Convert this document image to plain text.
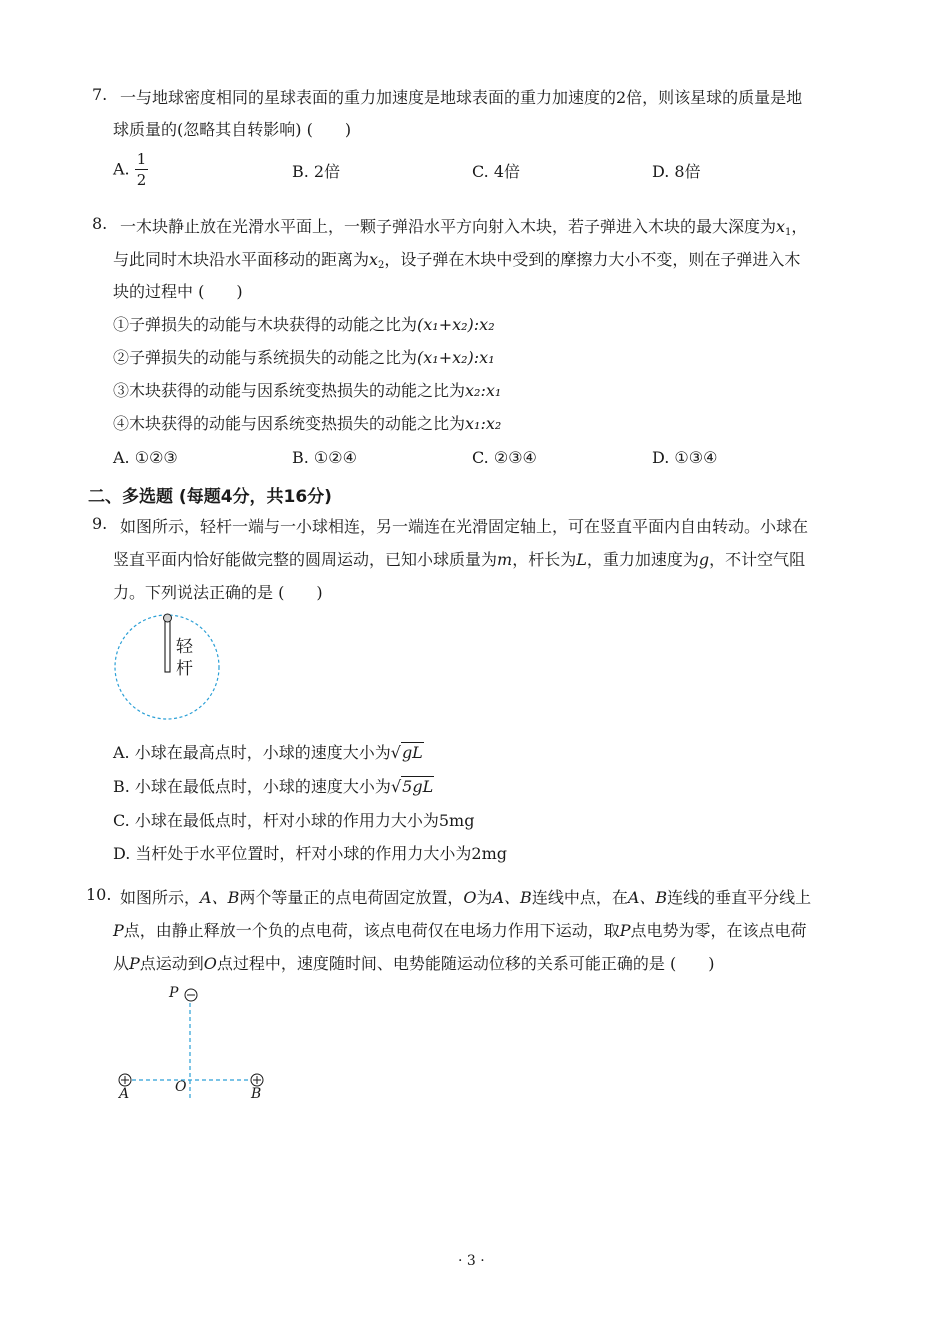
7. 一与地球密度相同的星球表面的重力加速度是地球表面的重力加速度的2倍，则该星球的质量是地
球质量的(忽略其自转影响) (　　)
A. $\frac{1}{2}$	B. 2倍	C. 4倍	D. 8倍
8. 一木块静止放在光滑水平面上，一颗子弹沿水平方向射入木块，若子弹进入木块的最大深度为$x_1$，
与此同时木块沿水平面移动的距离为$x_2$，设子弹在木块中受到的摩擦力大小不变，则在子弹进入木
块的过程中 (　　)
①子弹损失的动能与木块获得的动能之比为(x₁+x₂):x₂
②子弹损失的动能与系统损失的动能之比为(x₁+x₂):x₁
③木块获得的动能与因系统变热损失的动能之比为x₂:x₁
④木块获得的动能与因系统变热损失的动能之比为x₁:x₂
A. ①②③	B. ①②④	C. ②③④	D. ①③④
二、多选题 (每题4分，共16分)
9. 如图所示，轻杆一端与一小球相连，另一端连在光滑固定轴上，可在竖直平面内自由转动。小球在
竖直平面内恰好能做完整的圆周运动，已知小球质量为m，杆长为L，重力加速度为g，不计空气阻
力。下列说法正确的是 (　　)
轻
杆
A. 小球在最高点时，小球的速度大小为√gL
B. 小球在最低点时，小球的速度大小为√5gL
C. 小球在最低点时，杆对小球的作用力大小为5mg
D. 当杆处于水平位置时，杆对小球的作用力大小为2mg
10. 如图所示，A、B两个等量正的点电荷固定放置，O为A、B连线中点，在A、B连线的垂直平分线上
P点，由静止释放一个负的点电荷，该点电荷仅在电场力作用下运动，取P点电势为零，在该点电荷
从P点运动到O点过程中，速度随时间、电势能随运动位移的关系可能正确的是 (　　)
P
A	O	B
· 3 ·
